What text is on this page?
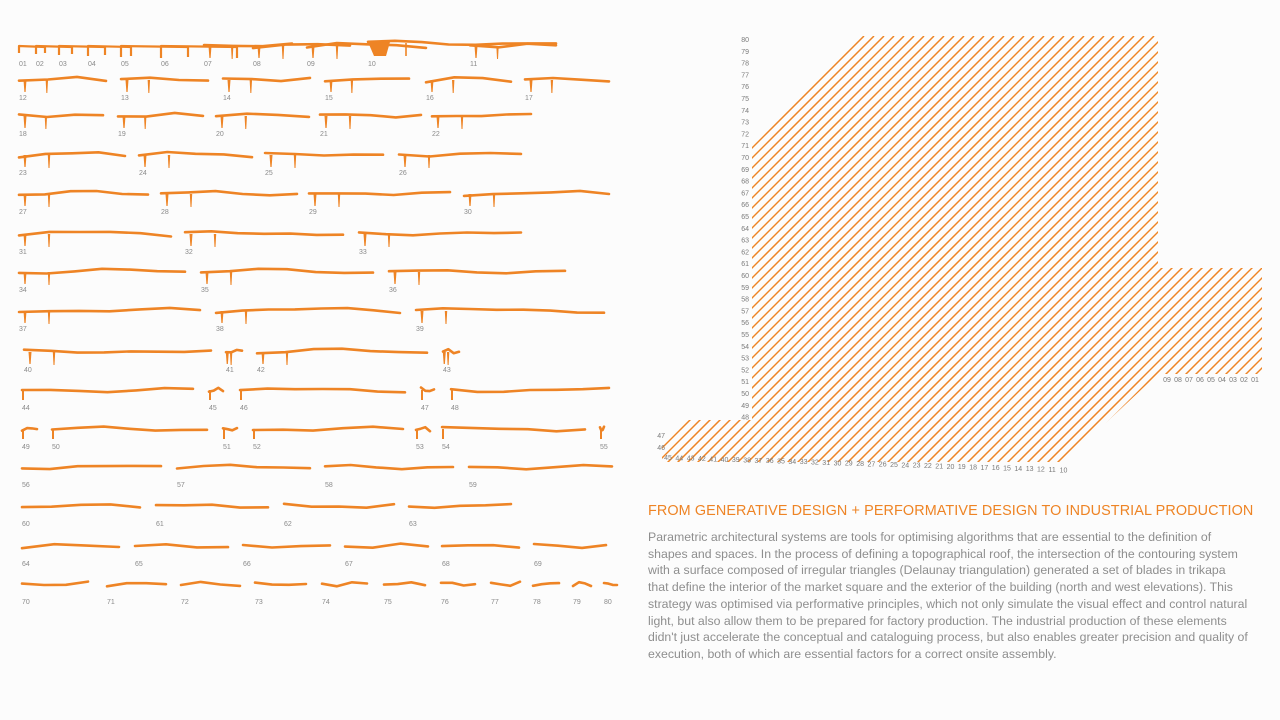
01 02 03	04	05	06	07	08	09	10	11
12	13	14	15	16	17
18	19	20	21	22
23	24	25	26
27	28	29	30
31	32	33
34	35	36
37	38	39
40	41	42	43
44	45	46	47	48
49	50	51	52	53	54	55
56	57	58	59
60	61	62	63
64	65	66	67	68	69
70	71	72	73	74	75	76	77	78	79	80
80
79
78
77
76
75
74
73
72
71
70
69
68
67
66
65
64
63
62
61
60
59
58
57
56
55
54
53
52
51
50
49
48
47
46
45 44 43 42 41 40 39 38 37 36 35 34 33 32 31 30 29 28 27 26 25 24 23 22 21 20 19 18 17 16 15 14 13 12 11 10
09 08 07 06 05 04 03 02 01
FROM GENERATIVE DESIGN + PERFORMATIVE DESIGN TO INDUSTRIAL PRODUCTION

Parametric architectural systems are tools for optimising algorithms that are essential to the definition of shapes and spaces. In the process of defining a topographical roof, the intersection of the contouring system with a surface composed of irregular triangles (Delaunay triangulation) generated a set of blades in trikapa that define the interior of the market square and the exterior of the building (north and west elevations). This strategy was optimised via performative principles, which not only simulate the visual effect and control natural light, but also allow them to be prepared for factory production. The industrial production of these elements didn't just accelerate the conceptual and cataloguing process, but also enables greater precision and quality of execution, both of which are essential factors for a correct onsite assembly.
